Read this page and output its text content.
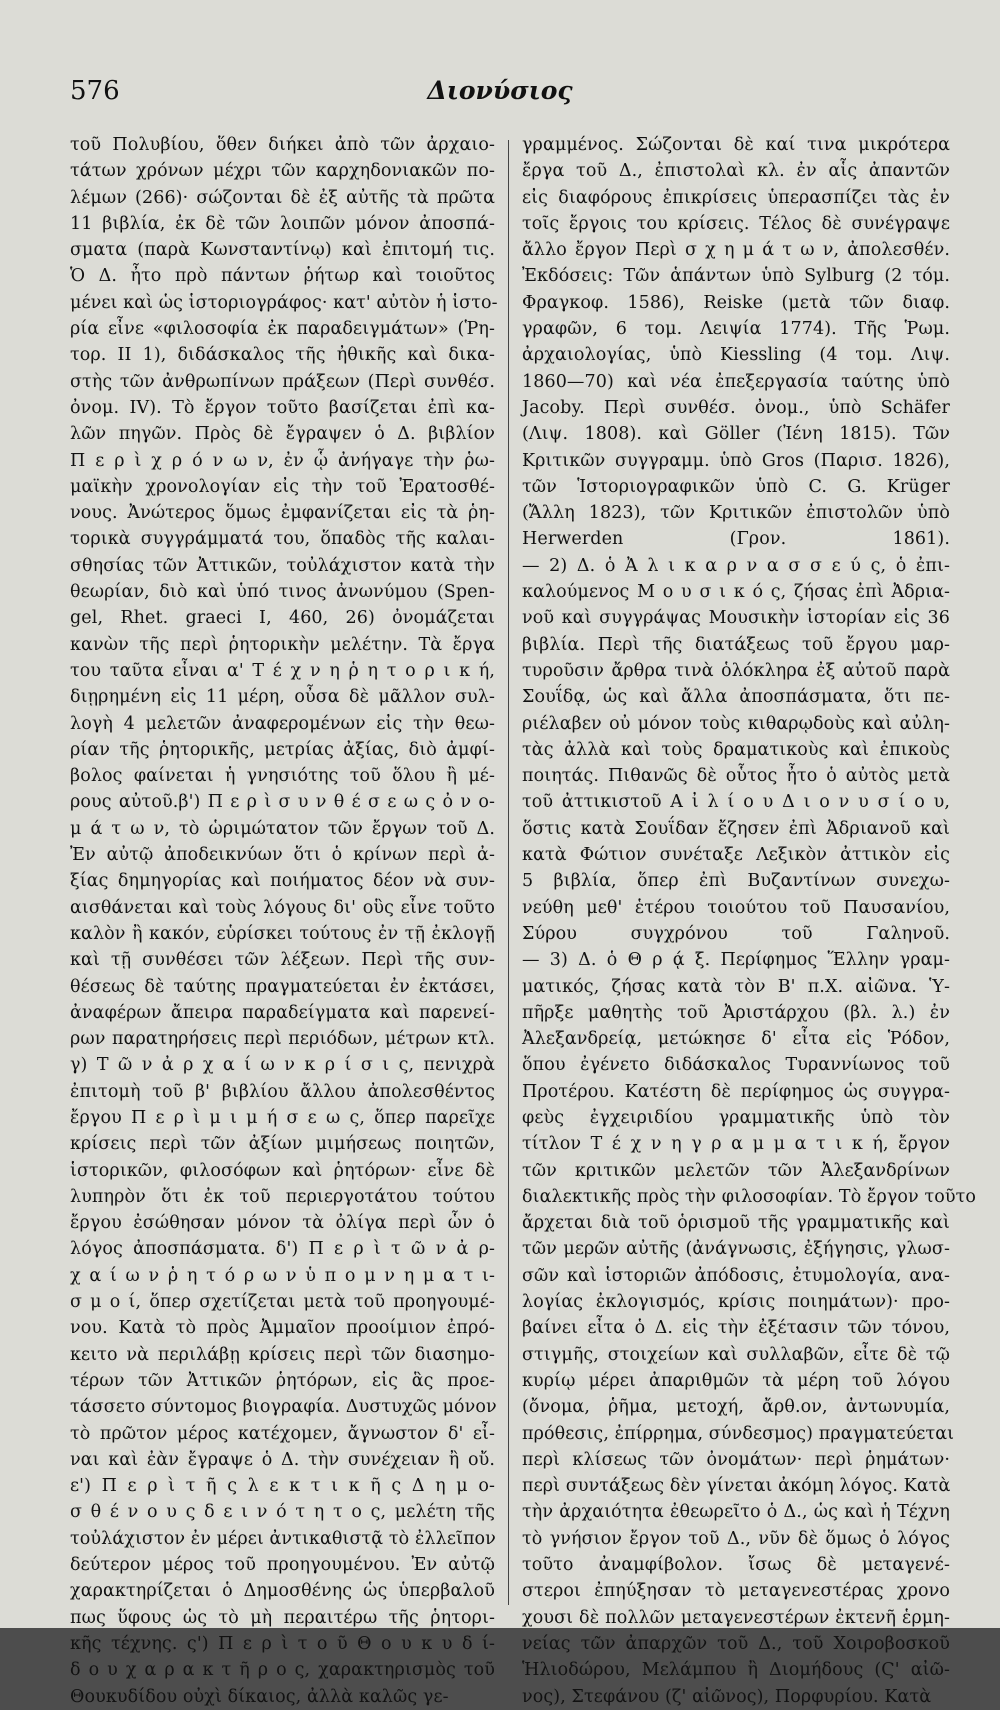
576	Διονύσιος
τοῦ Πολυβίου, ὅθεν διήκει ἀπὸ τῶν ἀρχαιο-
τάτων χρόνων μέχρι τῶν καρχηδονιακῶν πο-
λέμων (266)· σώζονται δὲ ἐξ αὐτῆς τὰ πρῶτα
11 βιβλία, ἐκ δὲ τῶν λοιπῶν μόνον ἀποσπά-
σματα (παρὰ Κωνσταντίνῳ) καὶ ἐπιτομή τις.
Ὁ Δ. ἦτο πρὸ πάντων ῥήτωρ καὶ τοιοῦτος
μένει καὶ ὡς ἱστοριογράφος· κατ' αὐτὸν ἡ ἱστο-
ρία εἶνε «φιλοσοφία ἐκ παραδειγμάτων» (Ῥη-
τορ. ΙΙ 1), διδάσκαλος τῆς ἠθικῆς καὶ δικα-
στὴς τῶν ἀνθρωπίνων πράξεων (Περὶ συνθέσ.
ὀνομ. IV). Τὸ ἔργον τοῦτο βασίζεται ἐπὶ κα-
λῶν πηγῶν. Πρὸς δὲ ἔγραψεν ὁ Δ. βιβλίον
Π ε ρ ὶ χ ρ ό ν ω ν, ἐν ᾧ ἀνήγαγε τὴν ῥω-
μαϊκὴν χρονολογίαν εἰς τὴν τοῦ Ἐρατοσθέ-
νους. Ἀνώτερος ὅμως ἐμφανίζεται εἰς τὰ ῥη-
τορικὰ συγγράμματά του, ὅπαδὸς τῆς καλαι-
σθησίας τῶν Ἀττικῶν, τοὐλάχιστον κατὰ τὴν
θεωρίαν, διὸ καὶ ὑπό τινος ἀνωνύμου (Spen-
gel, Rhet. graeci I, 460, 26) ὀνομάζεται
κανὼν τῆς περὶ ῥητορικὴν μελέτην. Τὰ ἔργα
του ταῦτα εἶναι α' Τ έ χ ν η ῥ η τ ο ρ ι κ ή,
διῃρημένη εἰς 11 μέρη, οὖσα δὲ μᾶλλον συλ-
λογὴ 4 μελετῶν ἀναφερομένων εἰς τὴν θεω-
ρίαν τῆς ῥητορικῆς, μετρίας ἀξίας, διὸ ἀμφί-
βολος φαίνεται ἡ γνησιότης τοῦ ὅλου ἢ μέ-
ρους αὐτοῦ.β') Π ε ρ ὶ σ υ ν θ έ σ ε ω ς ὀ ν ο-
μ ά τ ω ν, τὸ ὡριμώτατον τῶν ἔργων τοῦ Δ.
Ἐν αὐτῷ ἀποδεικνύων ὅτι ὁ κρίνων περὶ ἀ-
ξίας δημηγορίας καὶ ποιήματος δέον νὰ συν-
αισθάνεται καὶ τοὺς λόγους δι' οὓς εἶνε τοῦτο
καλὸν ἢ κακόν, εὑρίσκει τούτους ἐν τῇ ἐκλογῇ
καὶ τῇ συνθέσει τῶν λέξεων. Περὶ τῆς συν-
θέσεως δὲ ταύτης πραγματεύεται ἐν ἐκτάσει,
ἀναφέρων ἄπειρα παραδείγματα καὶ παρενεί-
ρων παρατηρήσεις περὶ περιόδων, μέτρων κτλ.
γ) Τ ῶ ν ἀ ρ χ α ί ω ν κ ρ ί σ ι ς, πενιχρὰ
ἐπιτομὴ τοῦ β' βιβλίου ἄλλου ἀπολεσθέντος
ἔργου Π ε ρ ὶ μ ι μ ή σ ε ω ς, ὅπερ παρεῖχε
κρίσεις περὶ τῶν ἀξίων μιμήσεως ποιητῶν,
ἱστορικῶν, φιλοσόφων καὶ ῥητόρων· εἶνε δὲ
λυπηρὸν ὅτι ἐκ τοῦ περιεργοτάτου τούτου
ἔργου ἐσώθησαν μόνον τὰ ὀλίγα περὶ ὧν ὁ
λόγος ἀποσπάσματα. δ') Π ε ρ ὶ τ ῶ ν ἀ ρ-
χ α ί ω ν ῥ η τ ό ρ ω ν ὑ π ο μ ν η μ α τ ι-
σ μ ο ί, ὅπερ σχετίζεται μετὰ τοῦ προηγουμέ-
νου. Κατὰ τὸ πρὸς Ἀμμαῖον προοίμιον ἐπρό-
κειτο νὰ περιλάβῃ κρίσεις περὶ τῶν διασημο-
τέρων τῶν Ἀττικῶν ῥητόρων, εἰς ἃς προε-
τάσσετο σύντομος βιογραφία. Δυστυχῶς μόνον
τὸ πρῶτον μέρος κατέχομεν, ἄγνωστον δ' εἶ-
ναι καὶ ἐὰν ἔγραψε ὁ Δ. τὴν συνέχειαν ἢ οὔ.
ε') Π ε ρ ὶ τ ῆ ς λ ε κ τ ι κ ῆ ς Δ η μ ο-
σ θ έ ν ο υ ς δ ε ι ν ό τ η τ ο ς, μελέτη τῆς
τοὐλάχιστον ἐν μέρει ἀντικαθιστᾷ τὸ ἐλλεῖπον
δεύτερον μέρος τοῦ προηγουμένου. Ἐν αὐτῷ
χαρακτηρίζεται ὁ Δημοσθένης ὡς ὑπερβαλοῦ
πως ὕφους ὡς τὸ μὴ περαιτέρω τῆς ῥητορι-
κῆς τέχνης. ς') Π ε ρ ὶ τ ο ῦ Θ ο υ κ υ δ ί-
δ ο υ χ α ρ α κ τ ῆ ρ ο ς, χαρακτηρισμὸς τοῦ
Θουκυδίδου οὐχὶ δίκαιος, ἀλλὰ καλῶς γε-
γραμμένος. Σώζονται δὲ καί τινα μικρότερα
ἔργα τοῦ Δ., ἐπιστολαὶ κλ. ἐν αἷς ἀπαντῶν
εἰς διαφόρους ἐπικρίσεις ὑπερασπίζει τὰς ἐν
τοῖς ἔργοις του κρίσεις. Τέλος δὲ συνέγραψε
ἄλλο ἔργον Περὶ σ χ η μ ά τ ω ν, ἀπολεσθέν.
Ἐκδόσεις: Τῶν ἁπάντων ὑπὸ Sylburg (2 τόμ.
Φραγκοφ. 1586), Reiske (μετὰ τῶν διαφ.
γραφῶν, 6 τομ. Λειψία 1774). Τῆς Ῥωμ.
ἀρχαιολογίας, ὑπὸ Kiessling (4 τομ. Λιψ.
1860—70) καὶ νέα ἐπεξεργασία ταύτης ὑπὸ
Jacoby. Περὶ συνθέσ. ὀνομ., ὑπὸ Schäfer
(Λιψ. 1808). καὶ Göller (Ἰένη 1815). Τῶν
Κριτικῶν συγγραμμ. ὑπὸ Gros (Παρισ. 1826),
τῶν Ἱστοριογραφικῶν ὑπὸ C. G. Krüger
(Ἄλλη 1823), τῶν Κριτικῶν ἐπιστολῶν ὑπὸ
Herwerden (Γρον. 1861).
— 2) Δ. ὁ Ἀ λ ι κ α ρ ν α σ σ ε ύ ς, ὁ ἐπι-
καλούμενος Μ ο υ σ ι κ ό ς, ζήσας ἐπὶ Ἀδρια-
νοῦ καὶ συγγράψας Μουσικὴν ἱστορίαν εἰς 36
βιβλία. Περὶ τῆς διατάξεως τοῦ ἔργου μαρ-
τυροῦσιν ἄρθρα τινὰ ὁλόκληρα ἐξ αὐτοῦ παρὰ
Σουΐδᾳ, ὡς καὶ ἄλλα ἀποσπάσματα, ὅτι πε-
ριέλαβεν οὐ μόνον τοὺς κιθαρῳδοὺς καὶ αὐλη-
τὰς ἀλλὰ καὶ τοὺς δραματικοὺς καὶ ἐπικοὺς
ποιητάς. Πιθανῶς δὲ οὗτος ἦτο ὁ αὐτὸς μετὰ
τοῦ ἀττικιστοῦ Α ἰ λ ί ο υ Δ ι ο ν υ σ ί ο υ,
ὅστις κατὰ Σουΐδαν ἔζησεν ἐπὶ Ἀδριανοῦ καὶ
κατὰ Φώτιον συνέταξε Λεξικὸν ἀττικὸν εἰς
5 βιβλία, ὅπερ ἐπὶ Βυζαντίνων συνεχω-
νεύθη μεθ' ἑτέρου τοιούτου τοῦ Παυσανίου,
Σύρου συγχρόνου τοῦ Γαληνοῦ.
— 3) Δ. ὁ Θ ρ ᾴ ξ. Περίφημος Ἕλλην γραμ-
ματικός, ζήσας κατὰ τὸν Β' π.Χ. αἰῶνα. Ὑ-
πῆρξε μαθητὴς τοῦ Ἀριστάρχου (βλ. λ.) ἐν
Ἀλεξανδρείᾳ, μετώκησε δ' εἶτα εἰς Ῥόδον,
ὅπου ἐγένετο διδάσκαλος Τυραννίωνος τοῦ
Προτέρου. Κατέστη δὲ περίφημος ὡς συγγρα-
φεὺς ἐγχειριδίου γραμματικῆς ὑπὸ τὸν
τίτλον Τ έ χ ν η γ ρ α μ μ α τ ι κ ή, ἔργον
τῶν κριτικῶν μελετῶν τῶν Ἀλεξανδρίνων
διαλεκτικῆς πρὸς τὴν φιλοσοφίαν. Τὸ ἔργον τοῦτο
ἄρχεται διὰ τοῦ ὁρισμοῦ τῆς γραμματικῆς καὶ
τῶν μερῶν αὐτῆς (ἀνάγνωσις, ἐξήγησις, γλωσ-
σῶν καὶ ἱστοριῶν ἀπόδοσις, ἐτυμολογία, ανα-
λογίας ἐκλογισμός, κρίσις ποιημάτων)· προ-
βαίνει εἶτα ὁ Δ. εἰς τὴν ἐξέτασιν τῶν τόνου,
στιγμῆς, στοιχείων καὶ συλλαβῶν, εἶτε δὲ τῷ
κυρίῳ μέρει ἀπαριθμῶν τὰ μέρη τοῦ λόγου
(ὄνομα, ῥῆμα, μετοχή, ἄρθ.ον, ἀντωνυμία,
πρόθεσις, ἐπίρρημα, σύνδεσμος) πραγματεύεται
περὶ κλίσεως τῶν ὀνομάτων· περὶ ῥημάτων·
περὶ συντάξεως δὲν γίνεται ἀκόμη λόγος. Κατὰ
τὴν ἀρχαιότητα ἐθεωρεῖτο ὁ Δ., ὡς καὶ ἡ Τέχνη
τὸ γνήσιον ἔργον τοῦ Δ., νῦν δὲ ὅμως ὁ λόγος
τοῦτο ἀναμφίβολον. ἴσως δὲ μεταγενέ-
στεροι ἐπηύξησαν τὸ μεταγενεστέρας χρονο
χουσι δὲ πολλῶν μεταγενεστέρων ἐκτενῆ ἑρμη-
νείας τῶν ἀπαρχῶν τοῦ Δ., τοῦ Χοιροβοσκοῦ
Ἡλιοδώρου, Μελάμπου ἢ Διομήδους (Ϛ' αἰῶ-
νος), Στεφάνου (ζ' αἰῶνος), Πορφυρίου. Κατὰ
